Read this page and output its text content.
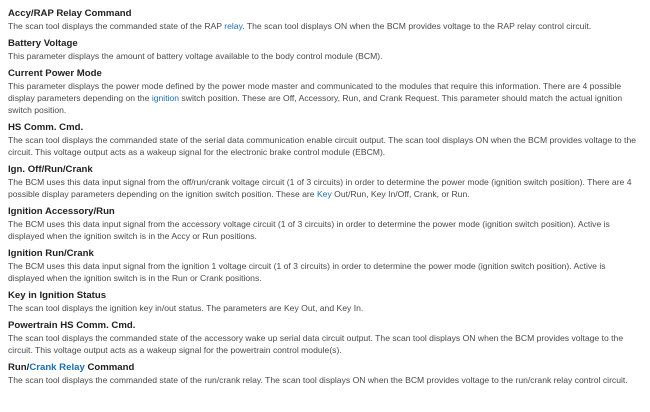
Accy/RAP Relay Command

The scan tool displays the commanded state of the RAP relay. The scan tool displays ON when the BCM provides voltage to the RAP relay control circuit.

Battery Voltage

This parameter displays the amount of battery voltage available to the body control module (BCM).

Current Power Mode

This parameter displays the power mode defined by the power mode master and communicated to the modules that require this information. There are 4 possible display parameters depending on the ignition switch position. These are Off, Accessory, Run, and Crank Request. This parameter should match the actual ignition switch position.

HS Comm. Cmd.

The scan tool displays the commanded state of the serial data communication enable circuit output. The scan tool displays ON when the BCM provides voltage to the circuit. This voltage output acts as a wakeup signal for the electronic brake control module (EBCM).

Ign. Off/Run/Crank

The BCM uses this data input signal from the off/run/crank voltage circuit (1 of 3 circuits) in order to determine the power mode (ignition switch position). There are 4 possible display parameters depending on the ignition switch position. These are Key Out/Run, Key In/Off, Crank, or Run.

Ignition Accessory/Run

The BCM uses this data input signal from the accessory voltage circuit (1 of 3 circuits) in order to determine the power mode (ignition switch position). Active is displayed when the ignition switch is in the Accy or Run positions.

Ignition Run/Crank

The BCM uses this data input signal from the ignition 1 voltage circuit (1 of 3 circuits) in order to determine the power mode (ignition switch position). Active is displayed when the ignition switch is in the Run or Crank positions.

Key in Ignition Status

The scan tool displays the ignition key in/out status. The parameters are Key Out, and Key In.

Powertrain HS Comm. Cmd.

The scan tool displays the commanded state of the accessory wake up serial data circuit output. The scan tool displays ON when the BCM provides voltage to the circuit. This voltage output acts as a wakeup signal for the powertrain control module(s).

Run/Crank Relay Command

The scan tool displays the commanded state of the run/crank relay. The scan tool displays ON when the BCM provides voltage to the run/crank relay control circuit.
